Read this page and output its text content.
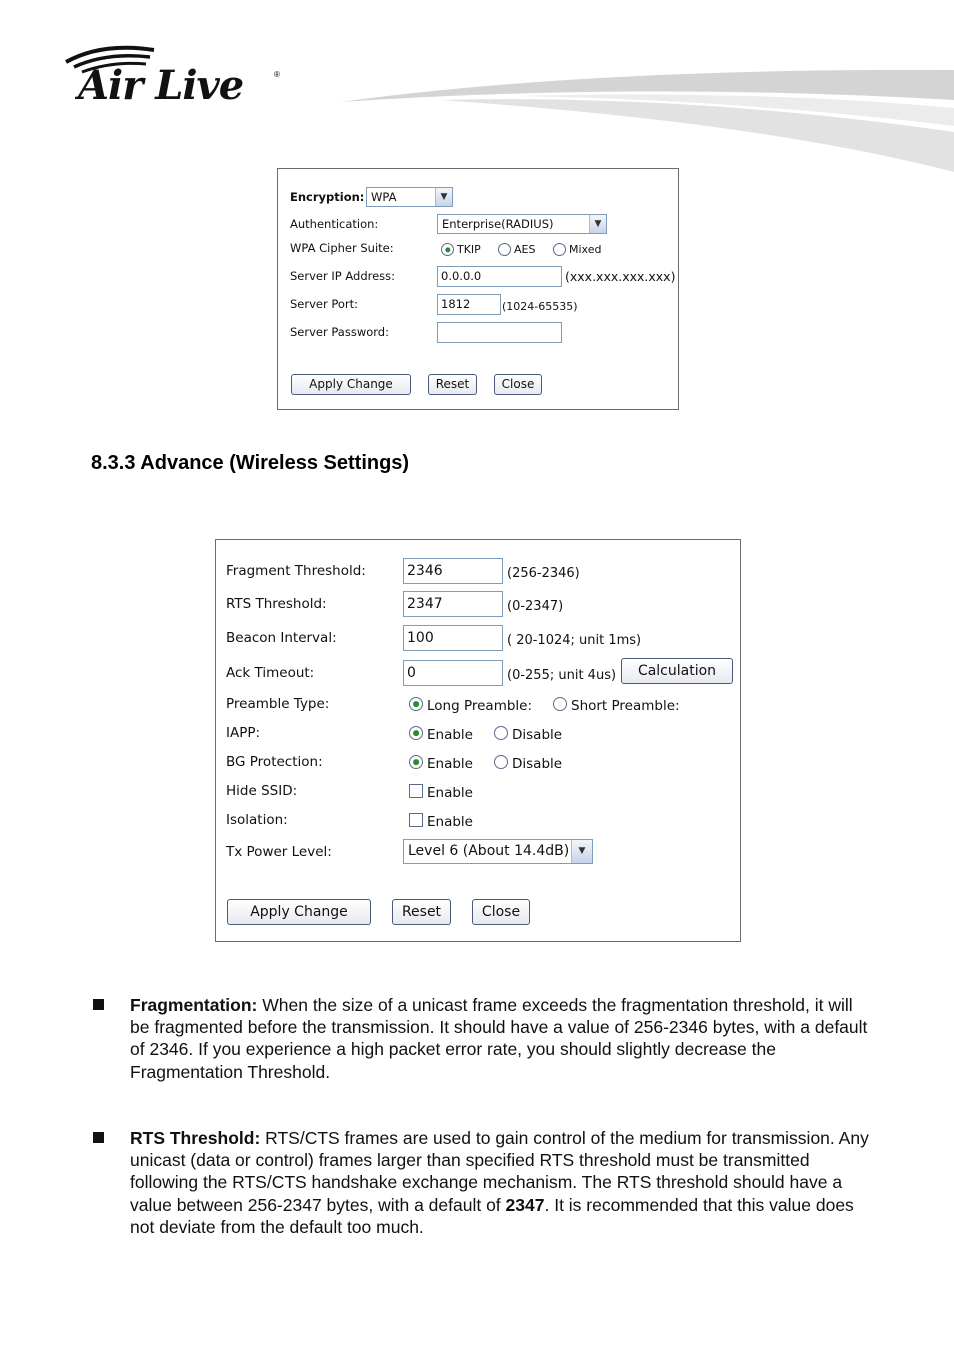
Air Live	®
Encryption: WPA	▼
Authentication:	Enterprise(RADIUS)	▼
WPA Cipher Suite:	TKIP	AES	Mixed
Server IP Address:	0.0.0.0	(xxx.xxx.xxx.xxx)
Server Port:	1812	(1024-65535)
Server Password:
Apply Change	Reset	Close
8.3.3 Advance (Wireless Settings)
Fragment Threshold:	2346	(256-2346)
RTS Threshold:	2347	(0-2347)
Beacon Interval:	100	( 20-1024; unit 1ms)
Ack Timeout:	0	(0-255; unit 4us)	Calculation
Preamble Type:	Long Preamble:	Short Preamble:
IAPP:	Enable	Disable
BG Protection:	Enable	Disable
Hide SSID:	Enable
Isolation:	Enable
Tx Power Level:	Level 6 (About 14.4dB)	▼
Apply Change	Reset	Close
Fragmentation: When the size of a unicast frame exceeds the fragmentation threshold, it will be fragmented before the transmission. It should have a value of 256-2346 bytes, with a default of 2346. If you experience a high packet error rate, you should slightly decrease the Fragmentation Threshold.
RTS Threshold: RTS/CTS frames are used to gain control of the medium for transmission. Any unicast (data or control) frames larger than specified RTS threshold must be transmitted following the RTS/CTS handshake exchange mechanism. The RTS threshold should have a value between 256-2347 bytes, with a default of 2347. It is recommended that this value does not deviate from the default too much.
